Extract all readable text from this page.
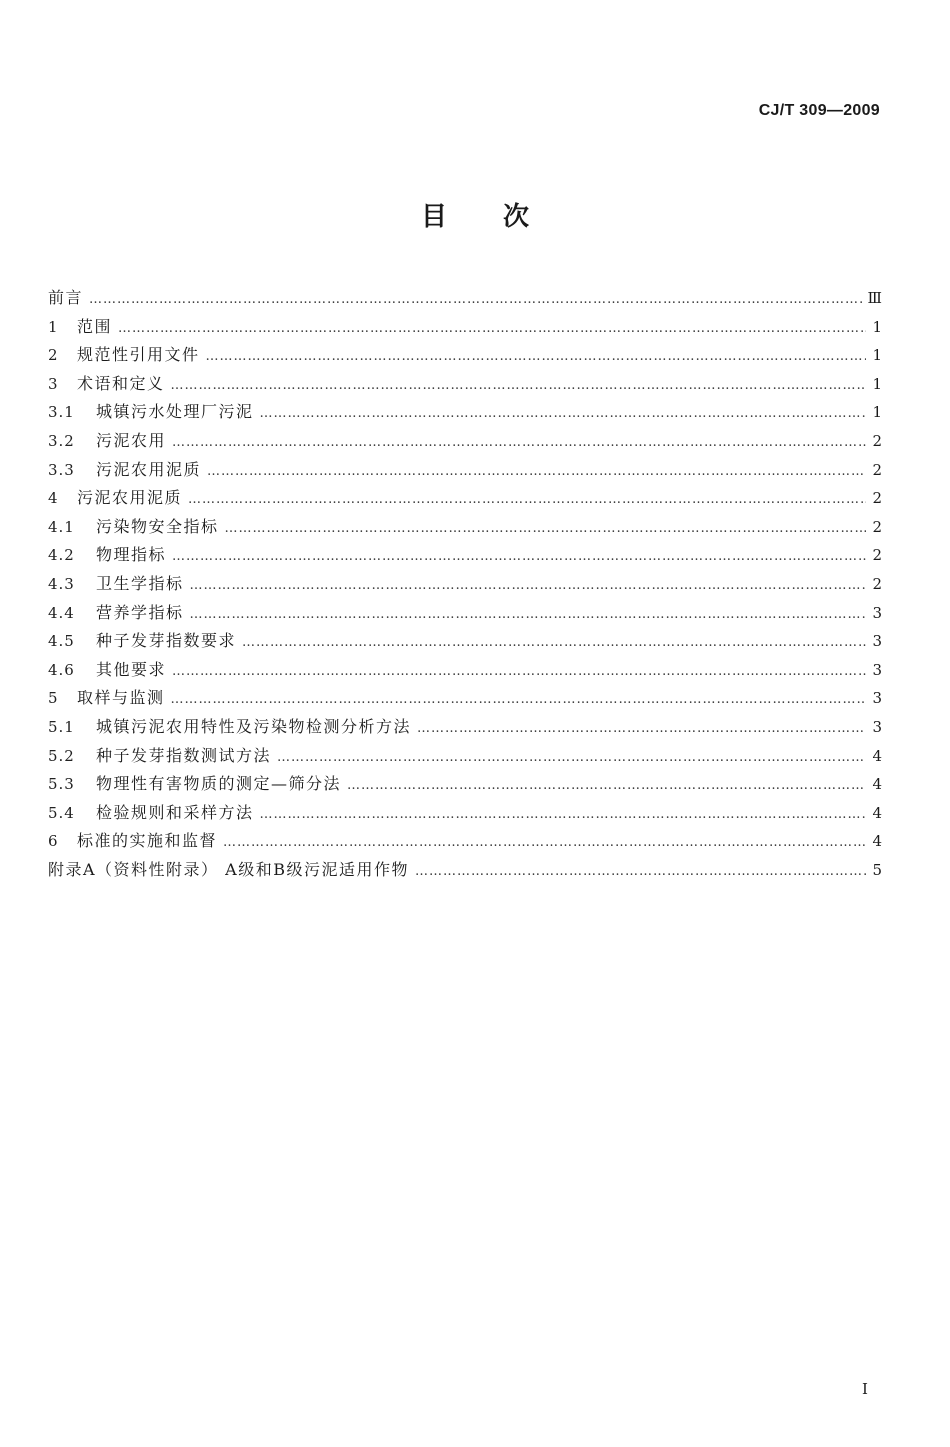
CJ/T 309—2009
目次
前言 …………………………………………………………………………………………………………………………………………………………………………………………………………………………	Ⅲ
1	范围 …………………………………………………………………………………………………………………………………………………………………………………………………………………………	1
2	规范性引用文件 …………………………………………………………………………………………………………………………………………………………………………………………………………………………	1
3	术语和定义 …………………………………………………………………………………………………………………………………………………………………………………………………………………………	1
3.1	城镇污水处理厂污泥 …………………………………………………………………………………………………………………………………………………………………………………………………………………………	1
3.2	污泥农用 …………………………………………………………………………………………………………………………………………………………………………………………………………………………	2
3.3	污泥农用泥质 …………………………………………………………………………………………………………………………………………………………………………………………………………………………	2
4	污泥农用泥质 …………………………………………………………………………………………………………………………………………………………………………………………………………………………	2
4.1	污染物安全指标 …………………………………………………………………………………………………………………………………………………………………………………………………………………………	2
4.2	物理指标 …………………………………………………………………………………………………………………………………………………………………………………………………………………………	2
4.3	卫生学指标 …………………………………………………………………………………………………………………………………………………………………………………………………………………………	2
4.4	营养学指标 …………………………………………………………………………………………………………………………………………………………………………………………………………………………	3
4.5	种子发芽指数要求 …………………………………………………………………………………………………………………………………………………………………………………………………………………………	3
4.6	其他要求 …………………………………………………………………………………………………………………………………………………………………………………………………………………………	3
5	取样与监测 …………………………………………………………………………………………………………………………………………………………………………………………………………………………	3
5.1	城镇污泥农用特性及污染物检测分析方法 …………………………………………………………………………………………………………………………………………………………………………………………………………………………	3
5.2	种子发芽指数测试方法 …………………………………………………………………………………………………………………………………………………………………………………………………………………………	4
5.3	物理性有害物质的测定—筛分法 …………………………………………………………………………………………………………………………………………………………………………………………………………………………	4
5.4	检验规则和采样方法 …………………………………………………………………………………………………………………………………………………………………………………………………………………………	4
6	标准的实施和监督 …………………………………………………………………………………………………………………………………………………………………………………………………………………………	4
附录A（资料性附录） A级和B级污泥适用作物 …………………………………………………………………………………………………………………………………………………………………………………………………………………………	5
I
